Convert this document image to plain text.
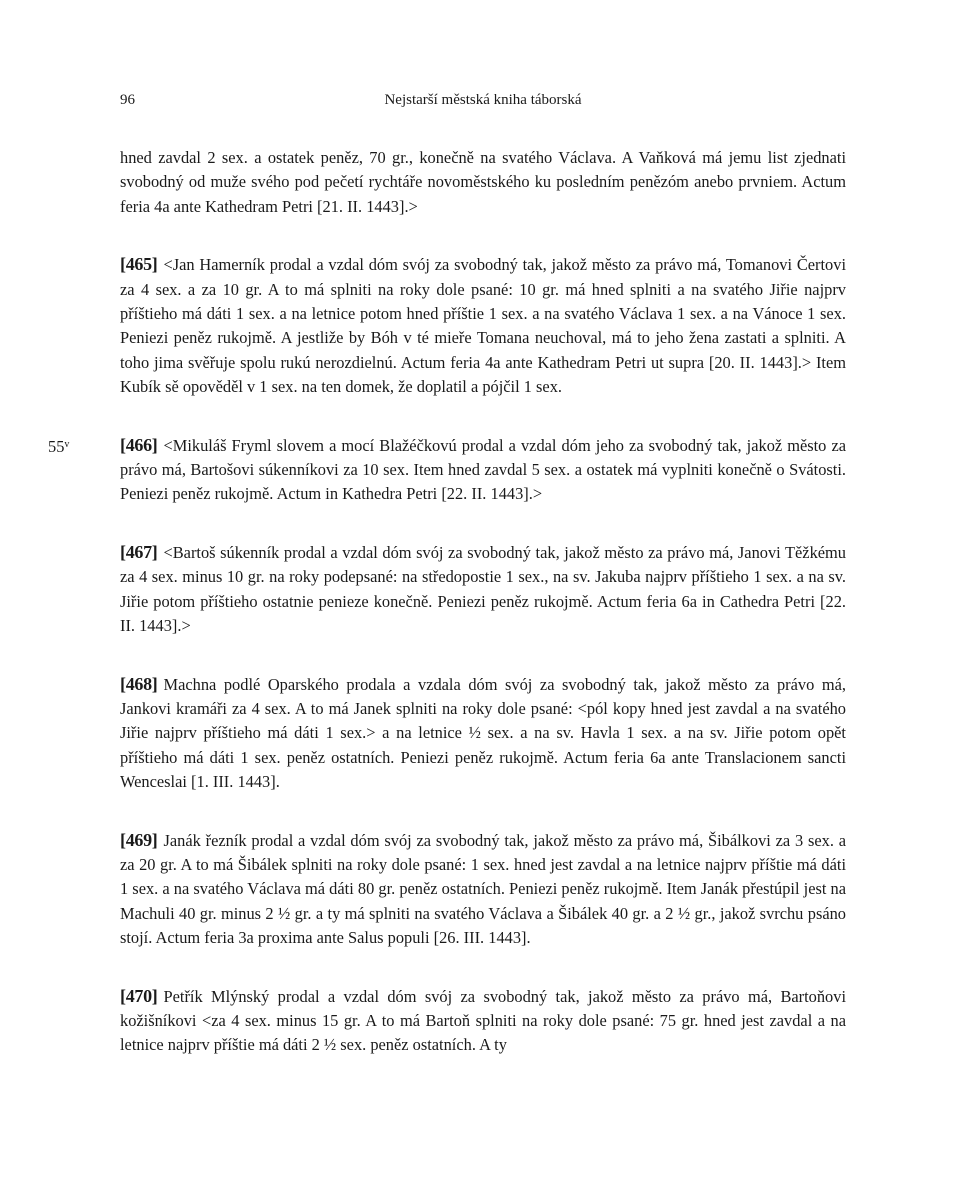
96	Nejstarší městská kniha táborská

hned zavdal 2 sex. a ostatek peněz, 70 gr., konečně na svatého Václava. A Vaňková má jemu list zjednati svobodný od muže svého pod pečetí rychtáře novoměstského ku posledním penězóm anebo prvniem. Actum feria 4a ante Kathedram Petri [21. II. 1443].>

[465] <Jan Hamerník prodal a vzdal dóm svój za svobodný tak, jakož město za právo má, Tomanovi Čertovi za 4 sex. a za 10 gr. A to má splniti na roky dole psané: 10 gr. má hned splniti a na svatého Jiřie najprv příštieho má dáti 1 sex. a na letnice potom hned příštie 1 sex. a na svatého Václava 1 sex. a na Vánoce 1 sex. Peniezi peněz rukojmě. A jestliže by Bóh v té mieře Tomana neuchoval, má to jeho žena zastati a splniti. A toho jima svěřuje spolu rukú nerozdielnú. Actum feria 4a ante Kathedram Petri ut supra [20. II. 1443].> Item Kubík sě opověděl v 1 sex. na ten domek, že doplatil a pójčil 1 sex.

55$^v$	[466] <Mikuláš Fryml slovem a mocí Blažéčkovú prodal a vzdal dóm jeho za svobodný tak, jakož město za právo má, Bartošovi súkenníkovi za 10 sex. Item hned zavdal 5 sex. a ostatek má vyplniti konečně o Svátosti. Peniezi peněz rukojmě. Actum in Kathedra Petri [22. II. 1443].>

[467] <Bartoš súkenník prodal a vzdal dóm svój za svobodný tak, jakož město za právo má, Janovi Těžkému za 4 sex. minus 10 gr. na roky podepsané: na středopostie 1 sex., na sv. Jakuba najprv příštieho 1 sex. a na sv. Jiřie potom příštieho ostatnie penieze konečně. Peniezi peněz rukojmě. Actum feria 6a in Cathedra Petri [22. II. 1443].>

[468] Machna podlé Oparského prodala a vzdala dóm svój za svobodný tak, jakož město za právo má, Jankovi kramáři za 4 sex. A to má Janek splniti na roky dole psané: <pól kopy hned jest zavdal a na svatého Jiřie najprv příštieho má dáti 1 sex.> a na letnice ½ sex. a na sv. Havla 1 sex. a na sv. Jiřie potom opět příštieho má dáti 1 sex. peněz ostatních. Peniezi peněz rukojmě. Actum feria 6a ante Translacionem sancti Wenceslai [1. III. 1443].

[469] Janák řezník prodal a vzdal dóm svój za svobodný tak, jakož město za právo má, Šibálkovi za 3 sex. a za 20 gr. A to má Šibálek splniti na roky dole psané: 1 sex. hned jest zavdal a na letnice najprv příštie má dáti 1 sex. a na svatého Václava má dáti 80 gr. peněz ostatních. Peniezi peněz rukojmě. Item Janák přestúpil jest na Machuli 40 gr. minus 2 ½ gr. a ty má splniti na svatého Václava a Šibálek 40 gr. a 2 ½ gr., jakož svrchu psáno stojí. Actum feria 3a proxima ante Salus populi [26. III. 1443].

[470] Petřík Mlýnský prodal a vzdal dóm svój za svobodný tak, jakož město za právo má, Bartoňovi kožišníkovi <za 4 sex. minus 15 gr. A to má Bartoň splniti na roky dole psané: 75 gr. hned jest zavdal a na letnice najprv příštie má dáti 2 ½ sex. peněz ostatních. A ty
